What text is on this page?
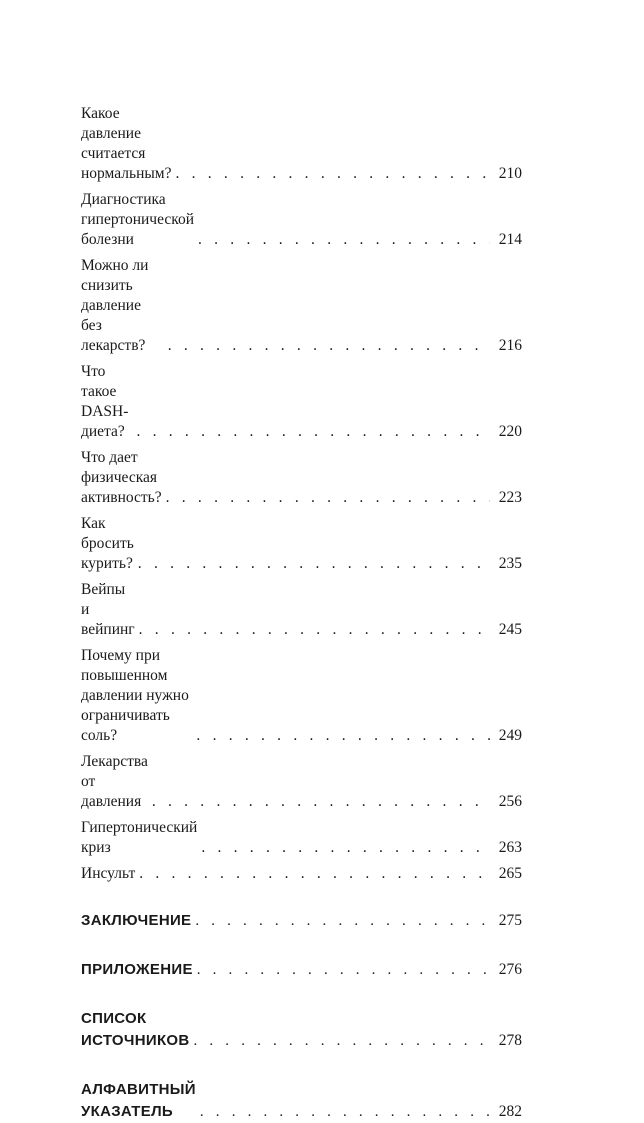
Какое давление считается нормальным? . . .	210
Диагностика гипертонической болезни . . .	214
Можно ли снизить давление без лекарств? . . .	216
Что такое DASH-диета? . . .	220
Что дает физическая активность? . . .	223
Как бросить курить? . . .	235
Вейпы и вейпинг . . .	245
Почему при повышенном давлении нужно ограничивать соль? . . .	249
Лекарства от давления . . .	256
Гипертонический криз . . .	263
Инсульт . . .	265
ЗАКЛЮЧЕНИЕ . . .	275
ПРИЛОЖЕНИЕ . . .	276
СПИСОК ИСТОЧНИКОВ . . .	278
АЛФАВИТНЫЙ УКАЗАТЕЛЬ . . .	282
